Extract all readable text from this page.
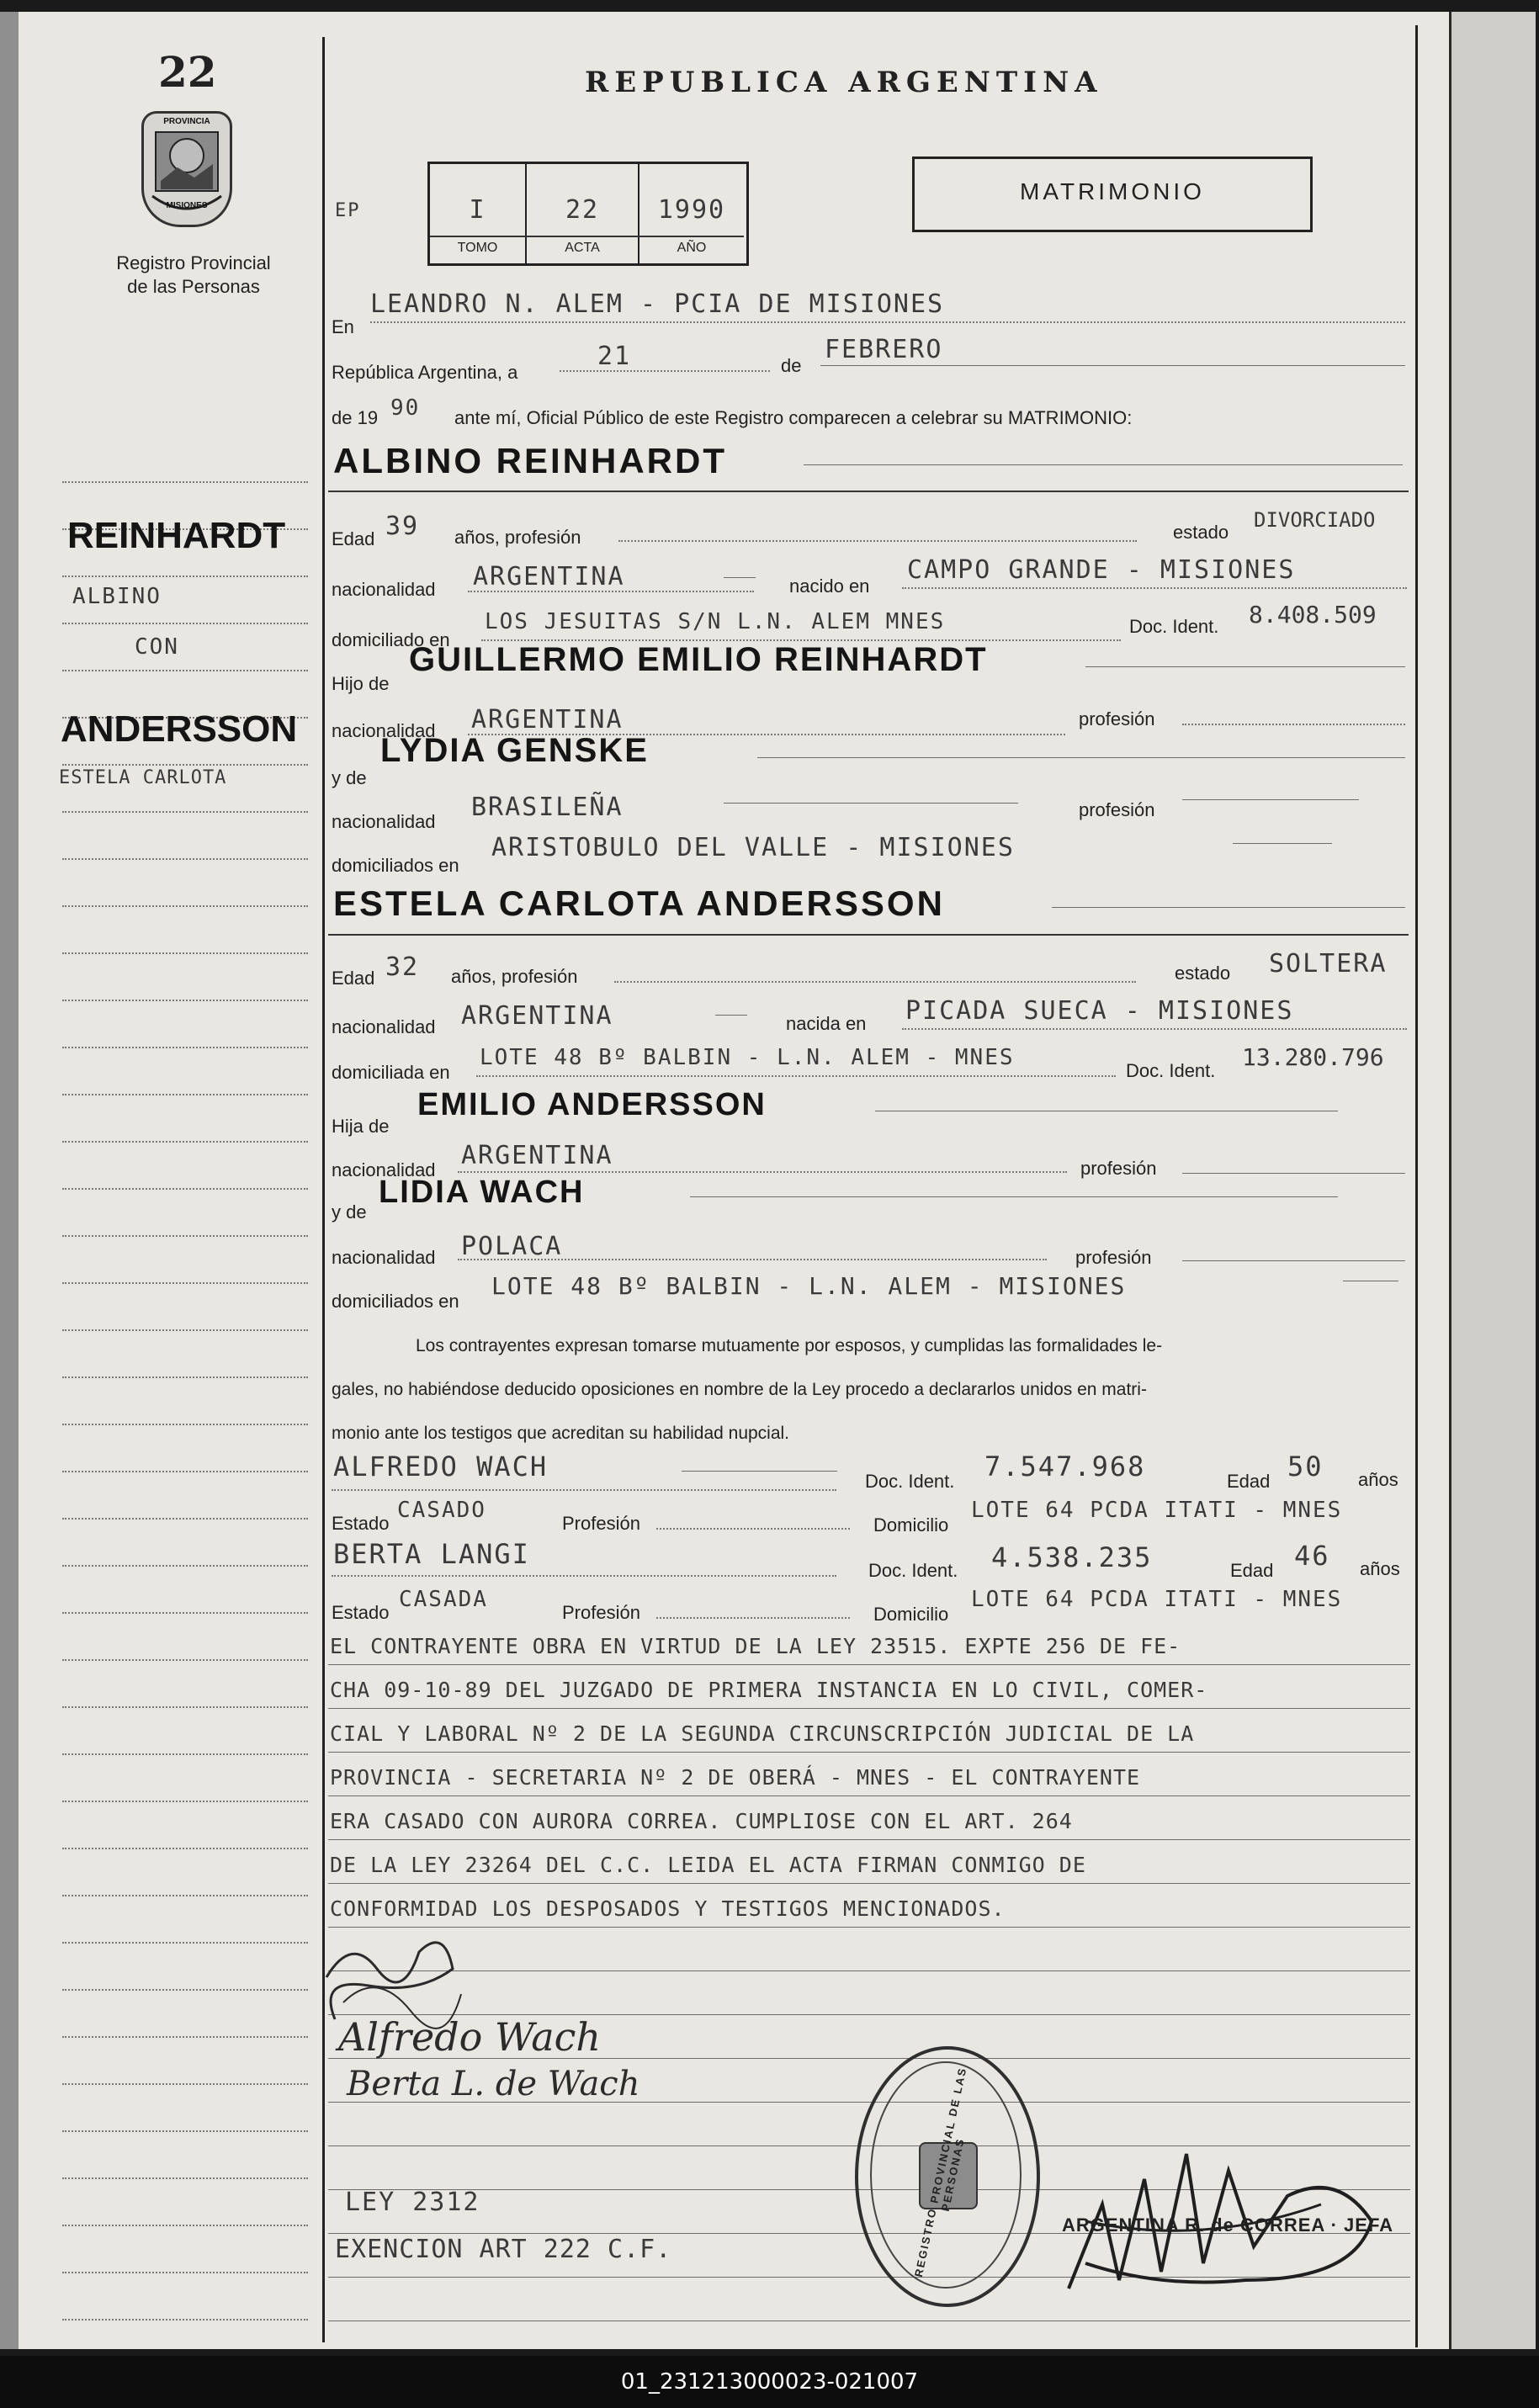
22
PROVINCIA
MISIONES
Registro Provincial
de las Personas
REPUBLICA ARGENTINA
EP	I	22	1990
TOMO	ACTA	AÑO
MATRIMONIO
REINHARDT
ALBINO
CON
ANDERSSON
ESTELA CARLOTA
En
LEANDRO N. ALEM - PCIA DE MISIONES
República Argentina, a
21	de
FEBRERO
de 19 90 ante mí, Oficial Público de este Registro comparecen a celebrar su MATRIMONIO:
ALBINO REINHARDT
Edad 39 años, profesión	estado
DIVORCIADO
nacionalidad ARGENTINA	nacido en
CAMPO GRANDE - MISIONES
domiciliado en
LOS JESUITAS S/N L.N. ALEM MNES	Doc. Ident. 8.408.509
Hijo de
GUILLERMO EMILIO REINHARDT
nacionalidad ARGENTINA	profesión
y de
LYDIA GENSKE
nacionalidad BRASILEÑA	profesión
domiciliados en
ARISTOBULO DEL VALLE - MISIONES
ESTELA CARLOTA ANDERSSON
Edad 32 años, profesión	estado SOLTERA
nacionalidad ARGENTINA	nacida en PICADA SUECA - MISIONES
domiciliada en
LOTE 48 Bº BALBIN - L.N. ALEM - MNES
Doc. Ident. 13.280.796
Hija de
EMILIO ANDERSSON
nacionalidad ARGENTINA	profesión
y de
LIDIA WACH
nacionalidad POLACA	profesión
domiciliados en
LOTE 48 Bº BALBIN - L.N. ALEM - MISIONES
Los contrayentes expresan tomarse mutuamente por esposos, y cumplidas las formalidades le-
gales, no habiéndose deducido oposiciones en nombre de la Ley procedo a declararlos unidos en matri-
monio ante los testigos que acreditan su habilidad nupcial.
ALFREDO WACH	Doc. Ident. 7.547.968	Edad 50 años
Estado
CASADO
Profesión	Domicilio
LOTE 64 PCDA ITATI - MNES
BERTA LANGI
Doc. Ident. 4.538.235	Edad 46 años
Estado
CASADA
Profesión	Domicilio
LOTE 64 PCDA ITATI - MNES
EL CONTRAYENTE OBRA EN VIRTUD DE LA LEY 23515. EXPTE 256 DE FE-
CHA 09-10-89 DEL JUZGADO DE PRIMERA INSTANCIA EN LO CIVIL, COMER-
CIAL Y LABORAL Nº 2 DE LA SEGUNDA CIRCUNSCRIPCIÓN JUDICIAL DE LA
PROVINCIA - SECRETARIA Nº 2 DE OBERÁ - MNES - EL CONTRAYENTE
ERA CASADO CON AURORA CORREA. CUMPLIOSE CON EL ART. 264
DE LA LEY 23264 DEL C.C. LEIDA EL ACTA FIRMAN CONMIGO DE
CONFORMIDAD LOS DESPOSADOS Y TESTIGOS MENCIONADOS.
Alfredo Wach
Berta L. de Wach	REGISTRO PROVINCIAL DE LAS PERSONAS
ARGENTINA R. de CORREA · JEFA
LEY 2312
EXENCION ART 222 C.F.
01_231213000023-021007
